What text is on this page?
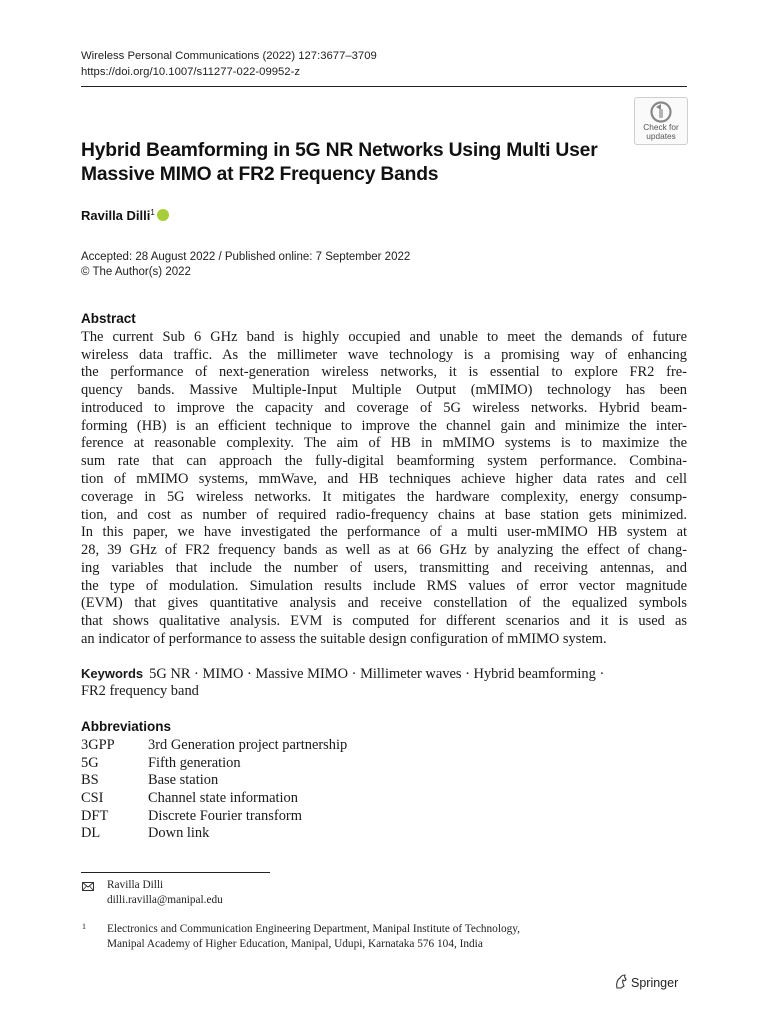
Wireless Personal Communications (2022) 127:3677–3709
https://doi.org/10.1007/s11277-022-09952-z
Check for
updates
Hybrid Beamforming in 5G NR Networks Using Multi User
Massive MIMO at FR2 Frequency Bands
Ravilla Dilli$^1$
Accepted: 28 August 2022 / Published online: 7 September 2022
© The Author(s) 2022
Abstract
The current Sub 6 GHz band is highly occupied and unable to meet the demands of future
wireless data traffic. As the millimeter wave technology is a promising way of enhancing
the performance of next-generation wireless networks, it is essential to explore FR2 fre-
quency bands. Massive Multiple-Input Multiple Output (mMIMO) technology has been
introduced to improve the capacity and coverage of 5G wireless networks. Hybrid beam-
forming (HB) is an efficient technique to improve the channel gain and minimize the inter-
ference at reasonable complexity. The aim of HB in mMIMO systems is to maximize the
sum rate that can approach the fully-digital beamforming system performance. Combina-
tion of mMIMO systems, mmWave, and HB techniques achieve higher data rates and cell
coverage in 5G wireless networks. It mitigates the hardware complexity, energy consump-
tion, and cost as number of required radio-frequency chains at base station gets minimized.
In this paper, we have investigated the performance of a multi user-mMIMO HB system at
28, 39 GHz of FR2 frequency bands as well as at 66 GHz by analyzing the effect of chang-
ing variables that include the number of users, transmitting and receiving antennas, and
the type of modulation. Simulation results include RMS values of error vector magnitude
(EVM) that gives quantitative analysis and receive constellation of the equalized symbols
that shows qualitative analysis. EVM is computed for different scenarios and it is used as
an indicator of performance to assess the suitable design configuration of mMIMO system.
Keywords 5G NR · MIMO · Massive MIMO · Millimeter waves · Hybrid beamforming ·
FR2 frequency band
Abbreviations
3GPP 3rd Generation project partnership
5G	Fifth generation
BS	Base station
CSI	Channel state information
DFT	Discrete Fourier transform
DL	Down link
Ravilla Dilli
dilli.ravilla@manipal.edu
1 Electronics and Communication Engineering Department, Manipal Institute of Technology,
Manipal Academy of Higher Education, Manipal, Udupi, Karnataka 576 104, India
Springer
